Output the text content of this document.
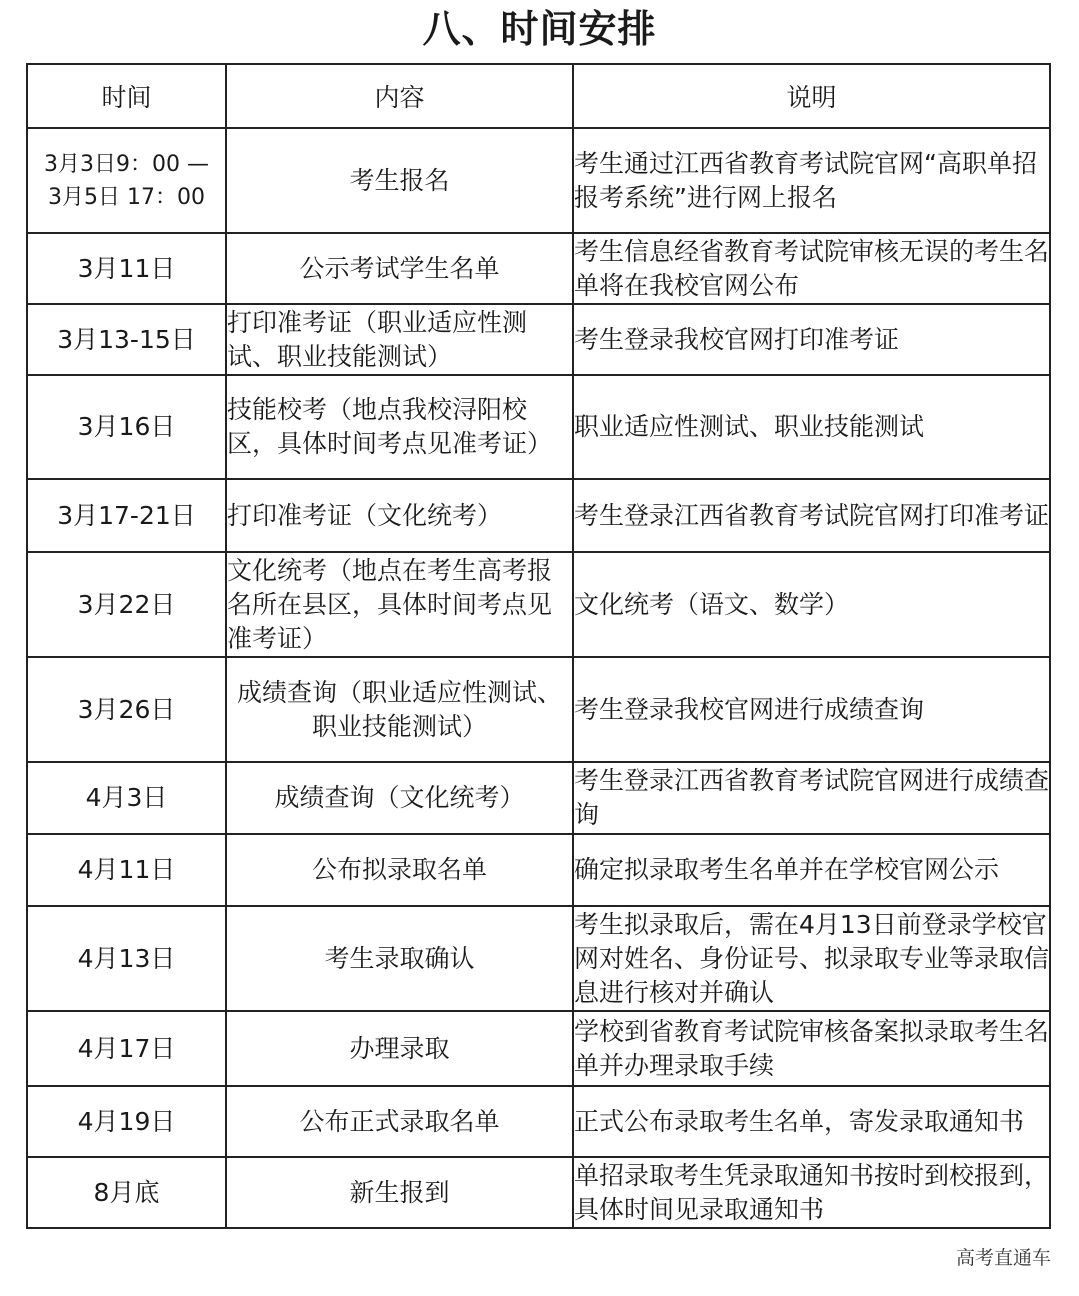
八、时间安排
时间	内容	说明
3月3日9：00 — 3月5日 17：00	考生报名	考生通过江西省教育考试院官网“高职单招报考系统”进行网上报名
3月11日	公示考试学生名单	考生信息经省教育考试院审核无误的考生名单将在我校官网公布
3月13-15日	打印准考证（职业适应性测试、职业技能测试）	考生登录我校官网打印准考证
3月16日	技能校考（地点我校浔阳校区，具体时间考点见准考证）	职业适应性测试、职业技能测试
3月17-21日	打印准考证（文化统考）	考生登录江西省教育考试院官网打印准考证
3月22日	文化统考（地点在考生高考报名所在县区，具体时间考点见准考证）	文化统考（语文、数学）
3月26日	成绩查询（职业适应性测试、职业技能测试）	考生登录我校官网进行成绩查询
4月3日	成绩查询（文化统考）	考生登录江西省教育考试院官网进行成绩查询
4月11日	公布拟录取名单	确定拟录取考生名单并在学校官网公示
4月13日	考生录取确认	考生拟录取后，需在4月13日前登录学校官网对姓名、身份证号、拟录取专业等录取信息进行核对并确认
4月17日	办理录取	学校到省教育考试院审核备案拟录取考生名单并办理录取手续
4月19日	公布正式录取名单	正式公布录取考生名单，寄发录取通知书
8月底	新生报到	单招录取考生凭录取通知书按时到校报到，具体时间见录取通知书
高考直通车
